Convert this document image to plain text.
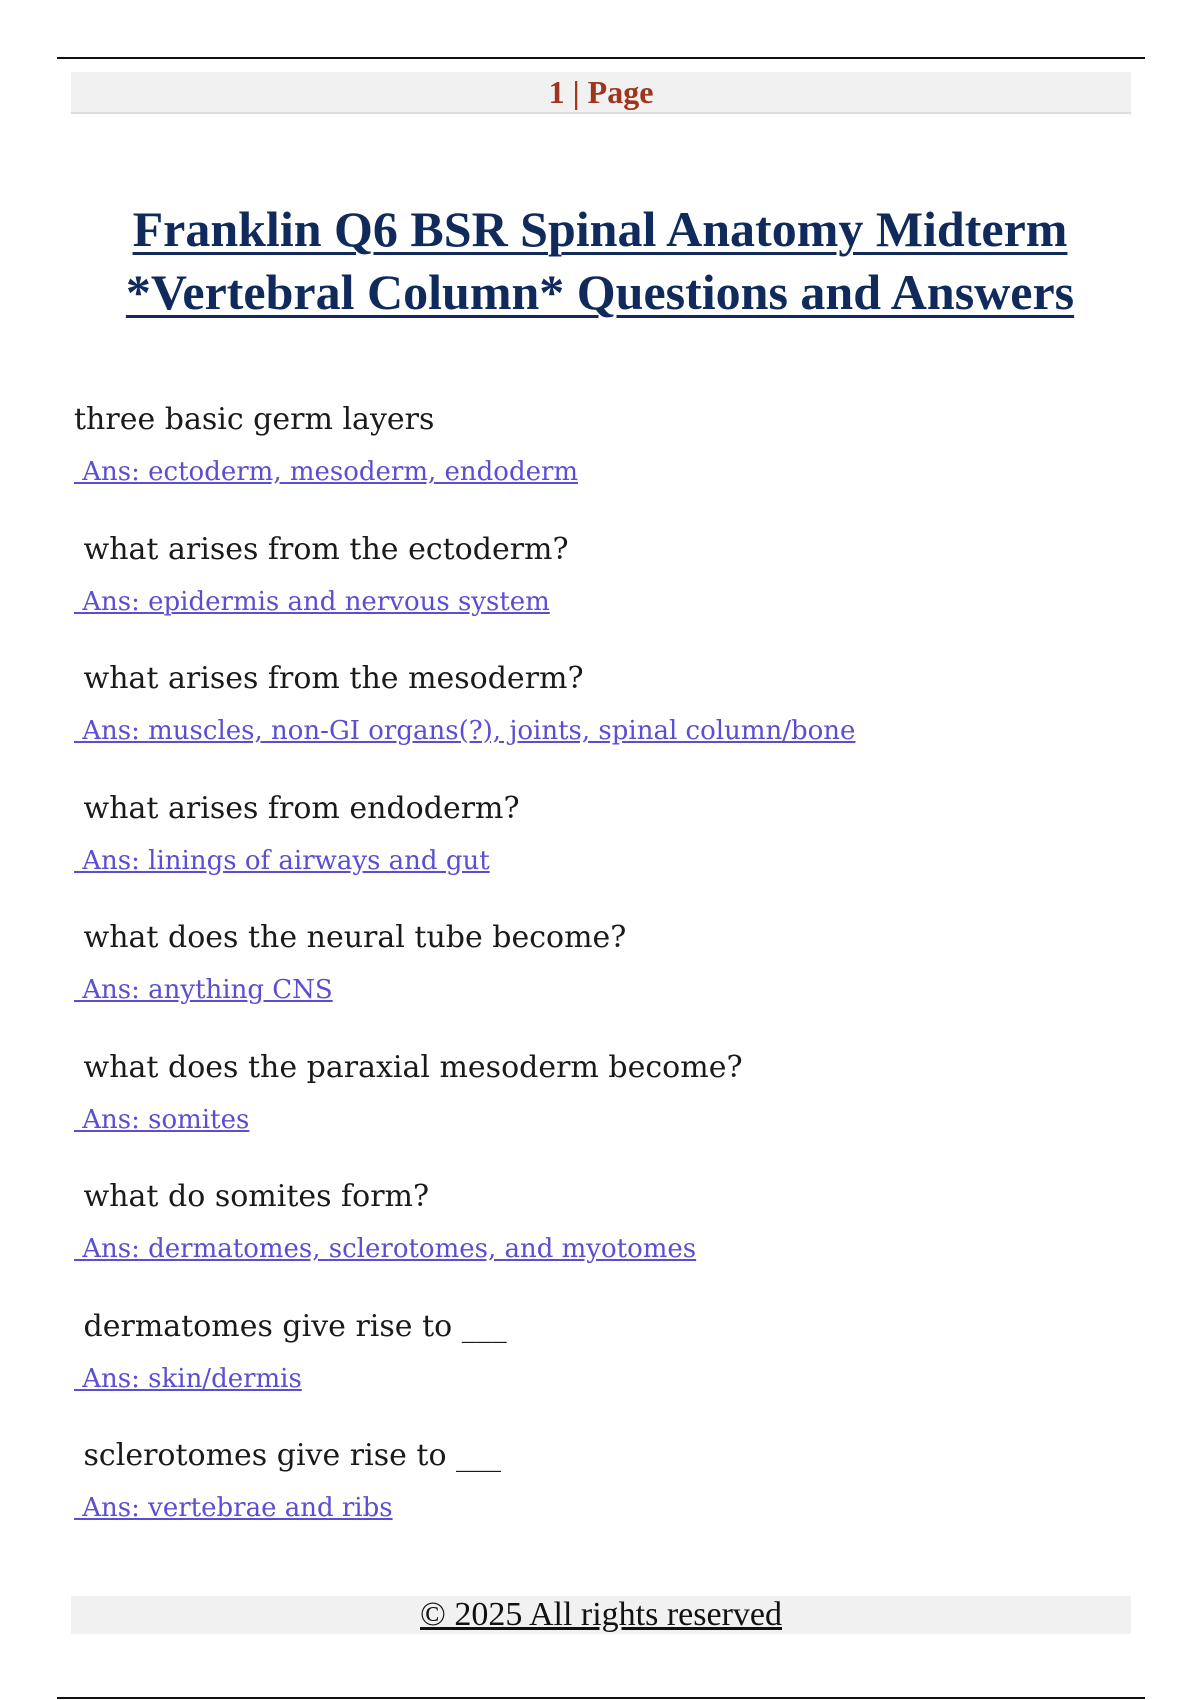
1 | Page
Franklin Q6 BSR Spinal Anatomy Midterm
*Vertebral Column* Questions and Answers
three basic germ layers
Ans: ectoderm, mesoderm, endoderm
what arises from the ectoderm?
Ans: epidermis and nervous system
what arises from the mesoderm?
Ans: muscles, non-GI organs(?), joints, spinal column/bone
what arises from endoderm?
Ans: linings of airways and gut
what does the neural tube become?
Ans: anything CNS
what does the paraxial mesoderm become?
Ans: somites
what do somites form?
Ans: dermatomes, sclerotomes, and myotomes
dermatomes give rise to ___
Ans: skin/dermis
sclerotomes give rise to ___
Ans: vertebrae and ribs
© 2025 All rights reserved
